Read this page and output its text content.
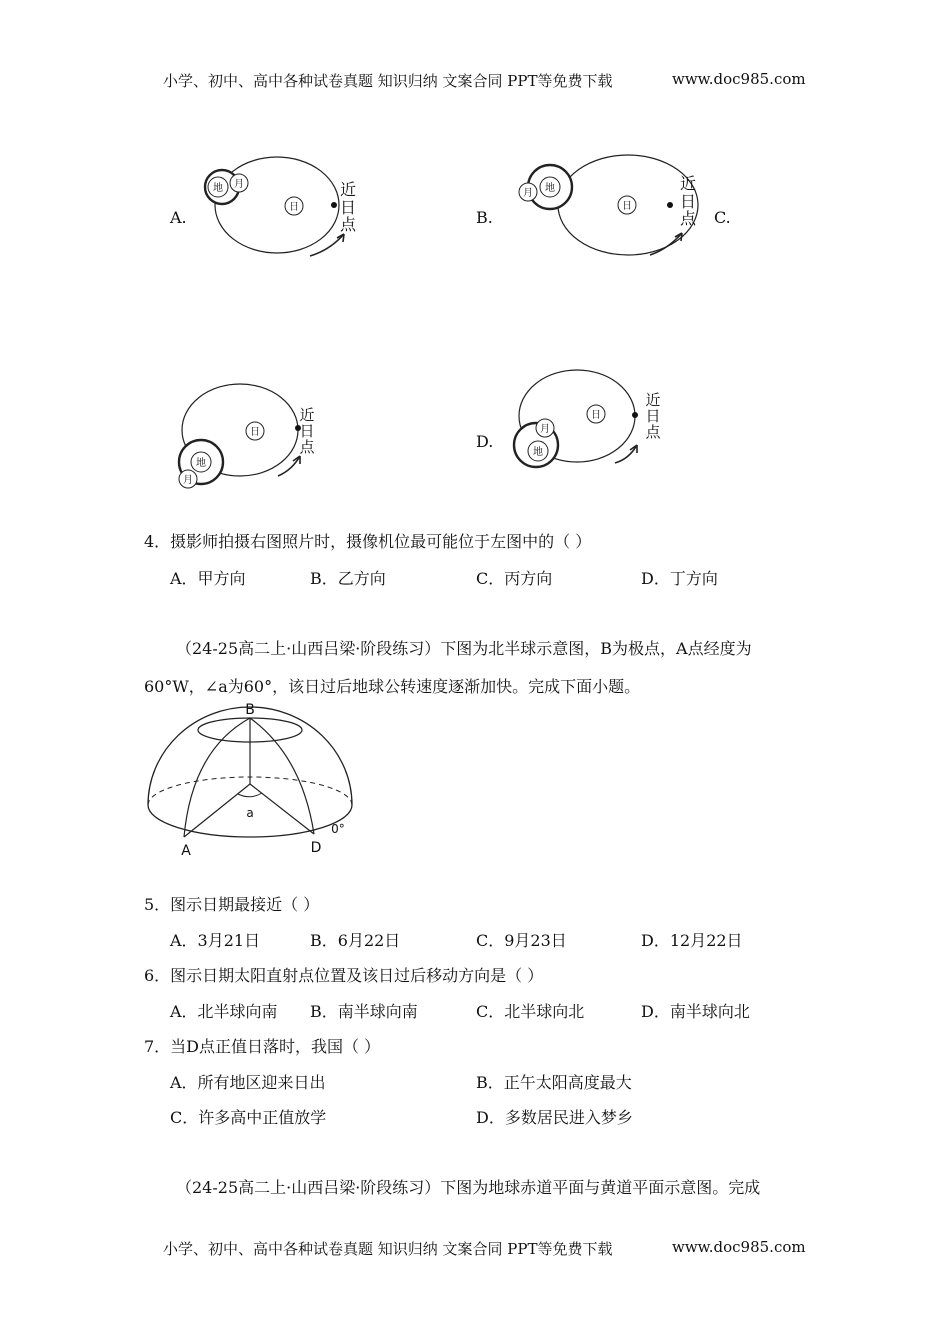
小学、初中、高中各种试卷真题 知识归纳 文案合同 PPT等免费下载	www.doc985.com
A.
地 月
日
近
日
点	B.
地
月
日
近
日
点 C.
地
月
日
近
日
点	D.
月
地
日
近
日
点
4．摄影师拍摄右图照片时，摄像机位最可能位于左图中的（ ）
A．甲方向	B．乙方向	C．丙方向	D．丁方向
（24-25高二上·山西吕梁·阶段练习）下图为北半球示意图，B为极点，A点经度为
60°W，∠a为60°，该日过后地球公转速度逐渐加快。完成下面小题。
B
a
A	D
0°
5．图示日期最接近（ ）
A．3月21日	B．6月22日	C．9月23日	D．12月22日
6．图示日期太阳直射点位置及该日过后移动方向是（ ）
A．北半球向南 B．南半球向南	C．北半球向北	D．南半球向北
7．当D点正值日落时，我国（ ）
A．所有地区迎来日出	B．正午太阳高度最大
C．许多高中正值放学	D．多数居民进入梦乡
（24-25高二上·山西吕梁·阶段练习）下图为地球赤道平面与黄道平面示意图。完成
小学、初中、高中各种试卷真题 知识归纳 文案合同 PPT等免费下载	www.doc985.com
